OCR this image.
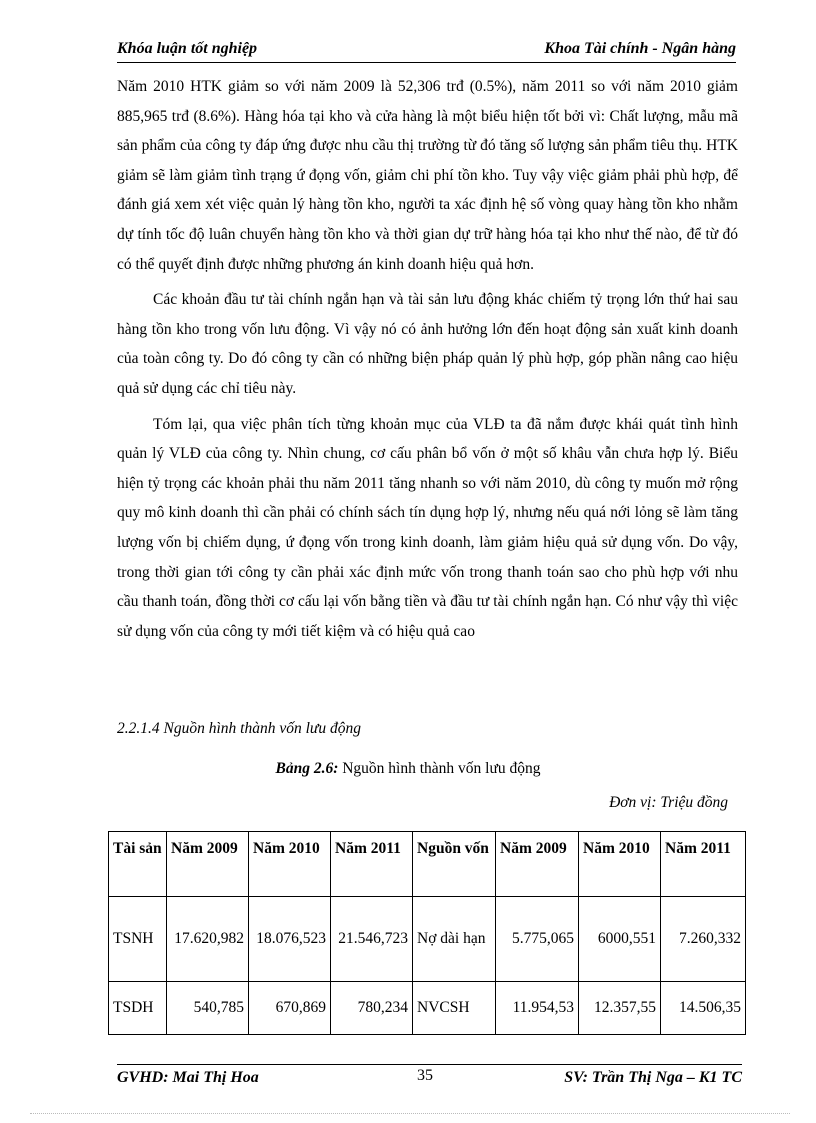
Khóa luận tốt nghiệp	Khoa Tài chính - Ngân hàng

Năm 2010 HTK giảm so với năm 2009 là 52,306 trđ (0.5%), năm 2011 so với năm 2010 giảm 885,965 trđ (8.6%). Hàng hóa tại kho và cửa hàng là một biểu hiện tốt bởi vì: Chất lượng, mẫu mã sản phẩm của công ty đáp ứng được nhu cầu thị trường từ đó tăng số lượng sản phẩm tiêu thụ. HTK giảm sẽ làm giảm tình trạng ứ đọng vốn, giảm chi phí tồn kho. Tuy vậy việc giảm phải phù hợp, để đánh giá xem xét việc quản lý hàng tồn kho, người ta xác định hệ số vòng quay hàng tồn kho nhằm dự tính tốc độ luân chuyển hàng tồn kho và thời gian dự trữ hàng hóa tại kho như thế nào, để từ đó có thể quyết định được những phương án kinh doanh hiệu quả hơn.

Các khoản đầu tư tài chính ngắn hạn và tài sản lưu động khác chiếm tỷ trọng lớn thứ hai sau hàng tồn kho trong vốn lưu động. Vì vậy nó có ảnh hưởng lớn đến hoạt động sản xuất kinh doanh của toàn công ty. Do đó công ty cần có những biện pháp quản lý phù hợp, góp phần nâng cao hiệu quả sử dụng các chỉ tiêu này.

Tóm lại, qua việc phân tích từng khoản mục của VLĐ ta đã nắm được khái quát tình hình quản lý VLĐ của công ty. Nhìn chung, cơ cấu phân bổ vốn ở một số khâu vẫn chưa hợp lý. Biểu hiện tỷ trọng các khoản phải thu năm 2011 tăng nhanh so với năm 2010, dù công ty muốn mở rộng quy mô kinh doanh thì cần phải có chính sách tín dụng hợp lý, nhưng nếu quá nới lỏng sẽ làm tăng lượng vốn bị chiếm dụng, ứ đọng vốn trong kinh doanh, làm giảm hiệu quả sử dụng vốn. Do vậy, trong thời gian tới công ty cần phải xác định mức vốn trong thanh toán sao cho phù hợp với nhu cầu thanh toán, đồng thời cơ cấu lại vốn bằng tiền và đầu tư tài chính ngắn hạn. Có như vậy thì việc sử dụng vốn của công ty mới tiết kiệm và có hiệu quả cao

2.2.1.4 Nguồn hình thành vốn lưu động
Bảng 2.6: Nguồn hình thành vốn lưu động
Đơn vị: Triệu đồng
Tài sản	Năm 2009	Năm 2010	Năm 2011	Nguồn vốn	Năm 2009	Năm 2010	Năm 2011
TSNH	17.620,982	18.076,523	21.546,723	Nợ dài hạn	5.775,065	6000,551	7.260,332
TSDH	540,785	670,869	780,234	NVCSH	11.954,53	12.357,55	14.506,35
GVHD: Mai Thị Hoa	35	SV: Trần Thị Nga – K1 TC
